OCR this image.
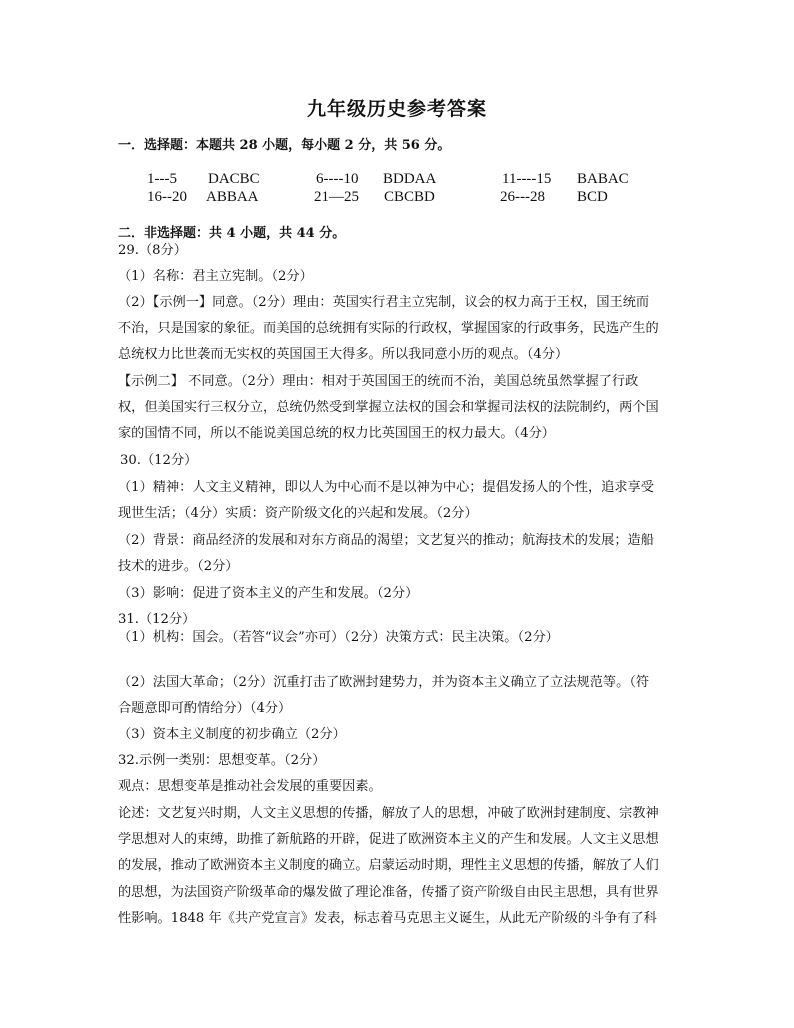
九年级历史参考答案
一．选择题：本题共 28 小题，每小题 2 分，共 56 分。
1---5 DACBC	6----10 BDDAA	11----15 BABAC
16--20 ABBAA	21—25 CBCBD	26---28 BCD
二．非选择题：共 4 小题，共 44 分。
29.（8分）
（1）名称：君主立宪制。（2分）
（2）【示例一】同意。（2分）理由：英国实行君主立宪制，议会的权力高于王权，国王统而
不治，只是国家的象征。而美国的总统拥有实际的行政权，掌握国家的行政事务，民选产生的
总统权力比世袭而无实权的英国国王大得多。所以我同意小历的观点。（4分）
【示例二】 不同意。（2分）理由：相对于英国国王的统而不治，美国总统虽然掌握了行政
权，但美国实行三权分立，总统仍然受到掌握立法权的国会和掌握司法权的法院制约，两个国
家的国情不同，所以不能说美国总统的权力比英国国王的权力最大。（4分）
30.（12分）
（1）精神：人文主义精神，即以人为中心而不是以神为中心；提倡发扬人的个性，追求享受
现世生活；（4分）实质：资产阶级文化的兴起和发展。（2分）
（2）背景：商品经济的发展和对东方商品的渴望；文艺复兴的推动；航海技术的发展；造船
技术的进步。（2分）
（3）影响：促进了资本主义的产生和发展。（2分）
31.（12分）
（1）机构：国会。（若答“议会”亦可）（2分）决策方式：民主决策。（2分）
（2）法国大革命；（2分）沉重打击了欧洲封建势力，并为资本主义确立了立法规范等。（符
合题意即可酌情给分）（4分）
（3）资本主义制度的初步确立（2分）
32.示例一类别：思想变革。（2分）
观点：思想变革是推动社会发展的重要因素。
论述：文艺复兴时期，人文主义思想的传播，解放了人的思想，冲破了欧洲封建制度、宗教神
学思想对人的束缚，助推了新航路的开辟，促进了欧洲资本主义的产生和发展。人文主义思想
的发展，推动了欧洲资本主义制度的确立。启蒙运动时期，理性主义思想的传播，解放了人们
的思想，为法国资产阶级革命的爆发做了理论准备，传播了资产阶级自由民主思想，具有世界
性影响。1848 年《共产党宣言》发表，标志着马克思主义诞生，从此无产阶级的斗争有了科
